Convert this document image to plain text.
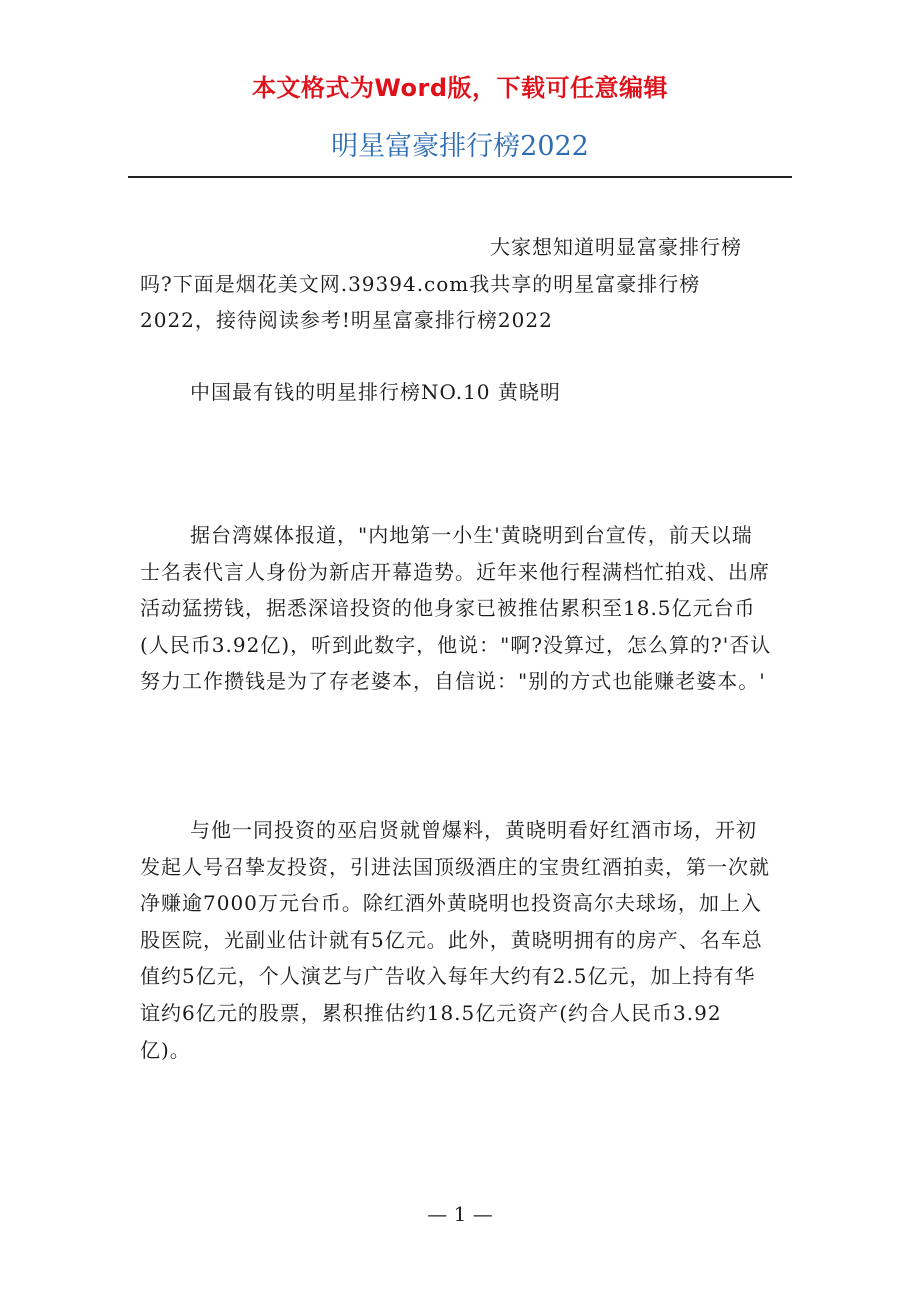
本文格式为Word版，下载可任意编辑
明星富豪排行榜2022
大家想知道明显富豪排行榜吗?下面是烟花美文网.39394.com我共享的明星富豪排行榜2022，接待阅读参考!明星富豪排行榜2022
中国最有钱的明星排行榜NO.10 黄晓明
据台湾媒体报道，"内地第一小生'黄晓明到台宣传，前天以瑞士名表代言人身份为新店开幕造势。近年来他行程满档忙拍戏、出席活动猛捞钱，据悉深谙投资的他身家已被推估累积至18.5亿元台币(人民币3.92亿)，听到此数字，他说："啊?没算过，怎么算的?'否认努力工作攒钱是为了存老婆本，自信说："别的方式也能赚老婆本。'
与他一同投资的巫启贤就曾爆料，黄晓明看好红酒市场，开初发起人号召挚友投资，引进法国顶级酒庄的宝贵红酒拍卖，第一次就净赚逾7000万元台币。除红酒外黄晓明也投资高尔夫球场，加上入股医院，光副业估计就有5亿元。此外，黄晓明拥有的房产、名车总值约5亿元，个人演艺与广告收入每年大约有2.5亿元，加上持有华谊约6亿元的股票，累积推估约18.5亿元资产(约合人民币3.92亿)。
— 1 —
